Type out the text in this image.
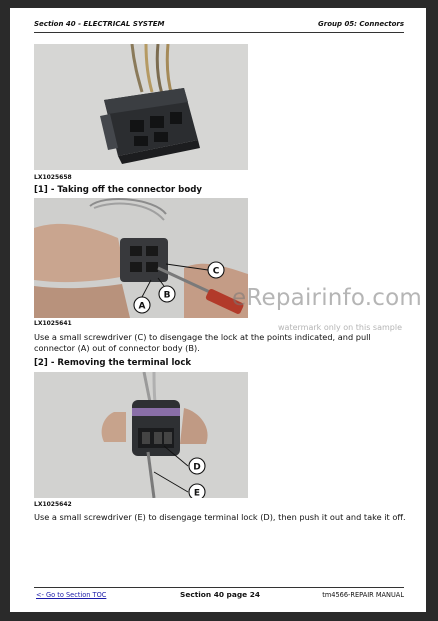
Section 40 - ELECTRICAL SYSTEM	Group 05: Connectors
LX1025658
[1] - Taking off the connector body
A
B
C
LX1025641
Use a small screwdriver (C) to disengage the lock at the points indicated, and pull connector (A) out of connector body (B).
[2] - Removing the terminal lock
D
E
LX1025642
Use a small screwdriver (E) to disengage terminal lock (D), then push it out and take it off.
<- Go to Section TOC	Section 40 page 24	tm4566-REPAIR MANUAL
eRepairinfo.com
watermark only on this sample
